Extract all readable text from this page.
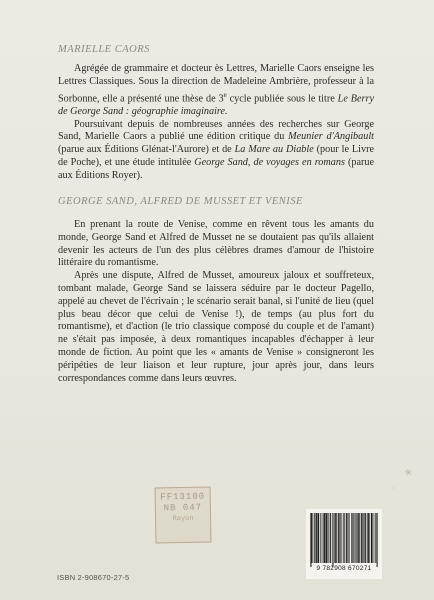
MARIELLE CAORS

Agrégée de grammaire et docteur ès Lettres, Marielle Caors enseigne les Lettres Classiques. Sous la direction de Madeleine Ambrière, professeur à la Sorbonne, elle a présenté une thèse de 3e cycle publiée sous le titre Le Berry de George Sand : géographie imaginaire.

Poursuivant depuis de nombreuses années des recherches sur George Sand, Marielle Caors a publié une édition critique du Meunier d'Angibault (parue aux Éditions Glénat-l'Aurore) et de La Mare au Diable (pour le Livre de Poche), et une étude intitulée George Sand, de voyages en romans (parue aux Éditions Royer).

GEORGE SAND, ALFRED DE MUSSET ET VENISE

En prenant la route de Venise, comme en rêvent tous les amants du monde, George Sand et Alfred de Musset ne se doutaient pas qu'ils allaient devenir les acteurs de l'un des plus célèbres drames d'amour de l'histoire littéraire du romantisme.

Après une dispute, Alfred de Musset, amoureux jaloux et souffreteux, tombant malade, George Sand se laissera séduire par le docteur Pagello, appelé au chevet de l'écrivain ; le scénario serait banal, si l'unité de lieu (quel plus beau décor que celui de Venise !), de temps (au plus fort du romantisme), et d'action (le trio classique composé du couple et de l'amant) ne s'était pas imposée, à deux romantiques incapables d'échapper à leur monde de fiction. Au point que les « amants de Venise » consigneront les péripéties de leur liaison et leur rupture, jour après jour, dans leurs correspondances comme dans leurs œuvres.

FF13100
NB 047
Rayon
ISBN 2-908670-27-5
9 782908 670271
✳
·
